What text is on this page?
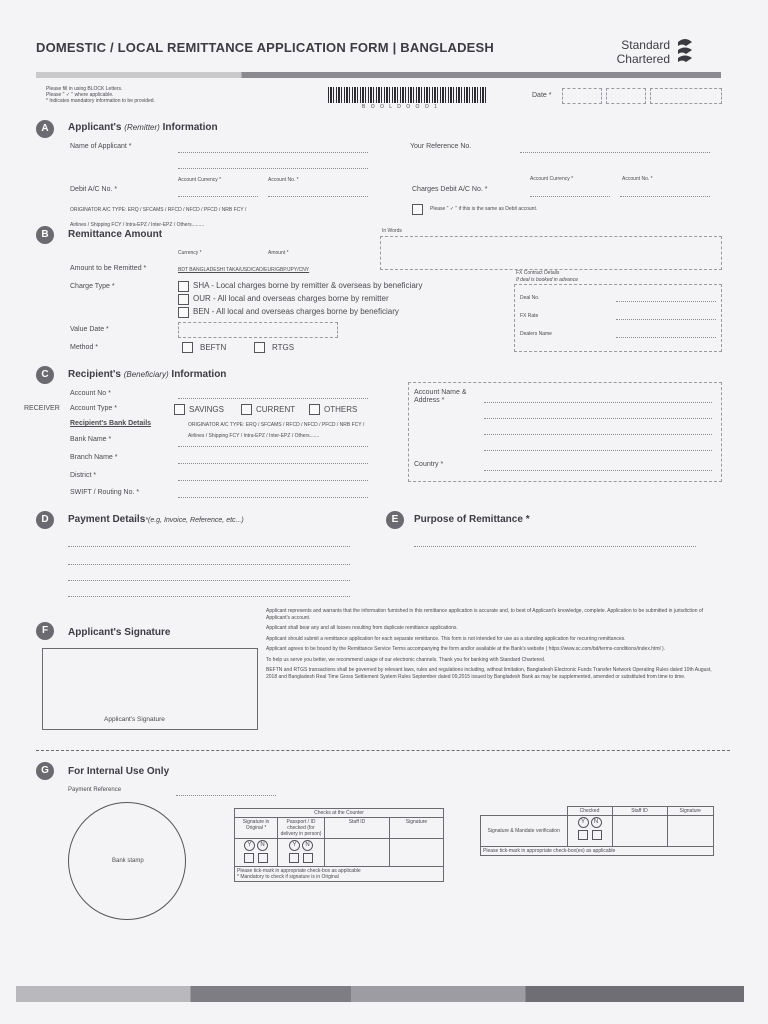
DOMESTIC / LOCAL REMITTANCE APPLICATION FORM | BANGLADESH	Standard
Chartered
Please fill in using BLOCK Letters.
Please " ✓ " where applicable.
* Indicates mandatory information to be provided.
B O O L D O O O 1
Date *
A	Applicant's (Remitter) Information
Name of Applicant *	Your Reference No.
Account Currency *	Account No. *
Debit A/C No. *
Account Currency *	Account No. *
Charges Debit A/C No. *
ORIGINATOR A/C TYPE: ERQ / SFCAMS / RFCD / NFCD / PFCD / NRB FCY /	Please " ✓ " if this is the same as Debit account.
B
Airlines / Shipping FCY / Intra-EPZ / Inter-EPZ / Others.........
Remittance Amount	In Words
Currency *	Amount *
Amount to be Remitted *	BDT BANGLADESHI TAKA/USD/CAD/EUR/GBP/JPY/CNY
Charge Type *	SHA - Local charges borne by remitter & overseas by beneficiary
OUR - All local and overseas charges borne by remitter
BEN - All local and overseas charges borne by beneficiary
FX Contract Details
If deal is booked in advance
Deal No.
FX Rate
Dealers Name
Value Date *
Method *	BEFTN	RTGS
C	Recipient's (Beneficiary) Information
Account No *
RECEIVER Account Type *	SAVINGS	CURRENT	OTHERS
Recipient's Bank Details	ORIGINATOR A/C TYPE: ERQ / SFCAMS / RFCD / NFCD / PFCD / NRB FCY /
Airlines / Shipping FCY / Intra-EPZ / Inter-EPZ / Others.......
Bank Name *
Branch Name *
District *
SWIFT / Routing No. *
Account Name & Address *
Country *
D	Payment Details*(e.g, Invoice, Reference, etc...)	E	Purpose of Remittance *
F	Applicant's Signature
Applicant's Signature
Applicant represents and warrants that the information furnished in this remittance application is accurate and, to best of Applicant's knowledge, complete. Application to be submitted in jurisdiction of Applicant's account.
Applicant shall bear any and all losses resulting from duplicate remittance applications.
Applicant should submit a remittance application for each separate remittance. This form is not intended for use as a standing application for recurring remittances.
Applicant agrees to be bound by the Remittance Service Terms accompanying the form and/or available at the Bank's website ( https://www.sc.com/bd/terms-conditions/index.html ).
To help us serve you better, we recommend usage of our electronic channels. Thank you for banking with Standard Chartered.
BEFTN and RTGS transactions shall be governed by relevant laws, rules and regulations including, without limitation, Bangladesh Electronic Funds Transfer Network Operating Rules dated 10th August, 2018 and Bangladesh Real Time Gross Settlement System Rules September dated 09,2015 issued by Bangladesh Bank as may be supplemented, amended or substituted from time to time.
G	For Internal Use Only
Payment Reference
Bank stamp
Checks at the Counter			
Signature in Original *	Passport / ID checked (for delivery in person)	Staff ID	Signature
Y N	Y N

Please tick-mark in appropriate check-box as applicable
* Mandatory to check if signature is in Original			
	Checked	Staff ID	Signature
Signature & Mandate verification	Y N

Please tick-mark in appropriate check-box(es) as applicable			
